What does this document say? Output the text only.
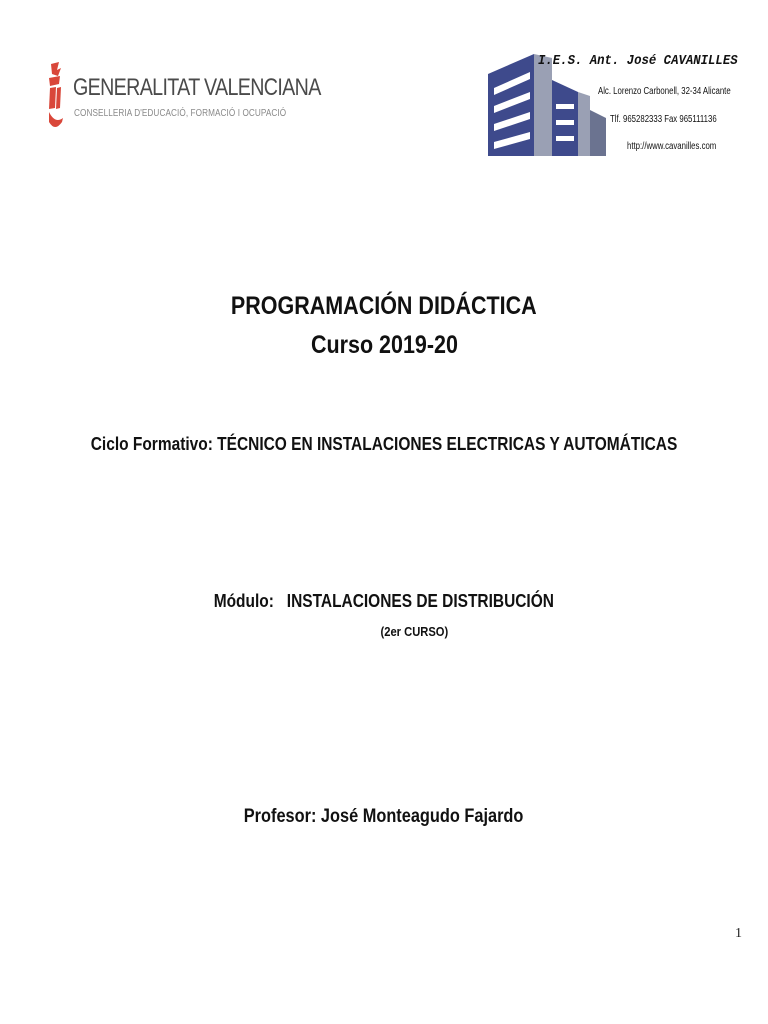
GENERALITAT VALENCIANA
CONSELLERIA D'EDUCACIÓ, FORMACIÓ I OCUPACIÓ
I.E.S. Ant. José CAVANILLES
Alc. Lorenzo Carbonell, 32-34 Alicante
Tlf. 965282333 Fax 965111136
http://www.cavanilles.com
PROGRAMACIÓN DIDÁCTICA
Curso 2019-20
Ciclo Formativo: TÉCNICO EN INSTALACIONES ELECTRICAS Y AUTOMÁTICAS
Módulo:   INSTALACIONES DE DISTRIBUCIÓN
(2er CURSO)
Profesor: José Monteagudo Fajardo
1
